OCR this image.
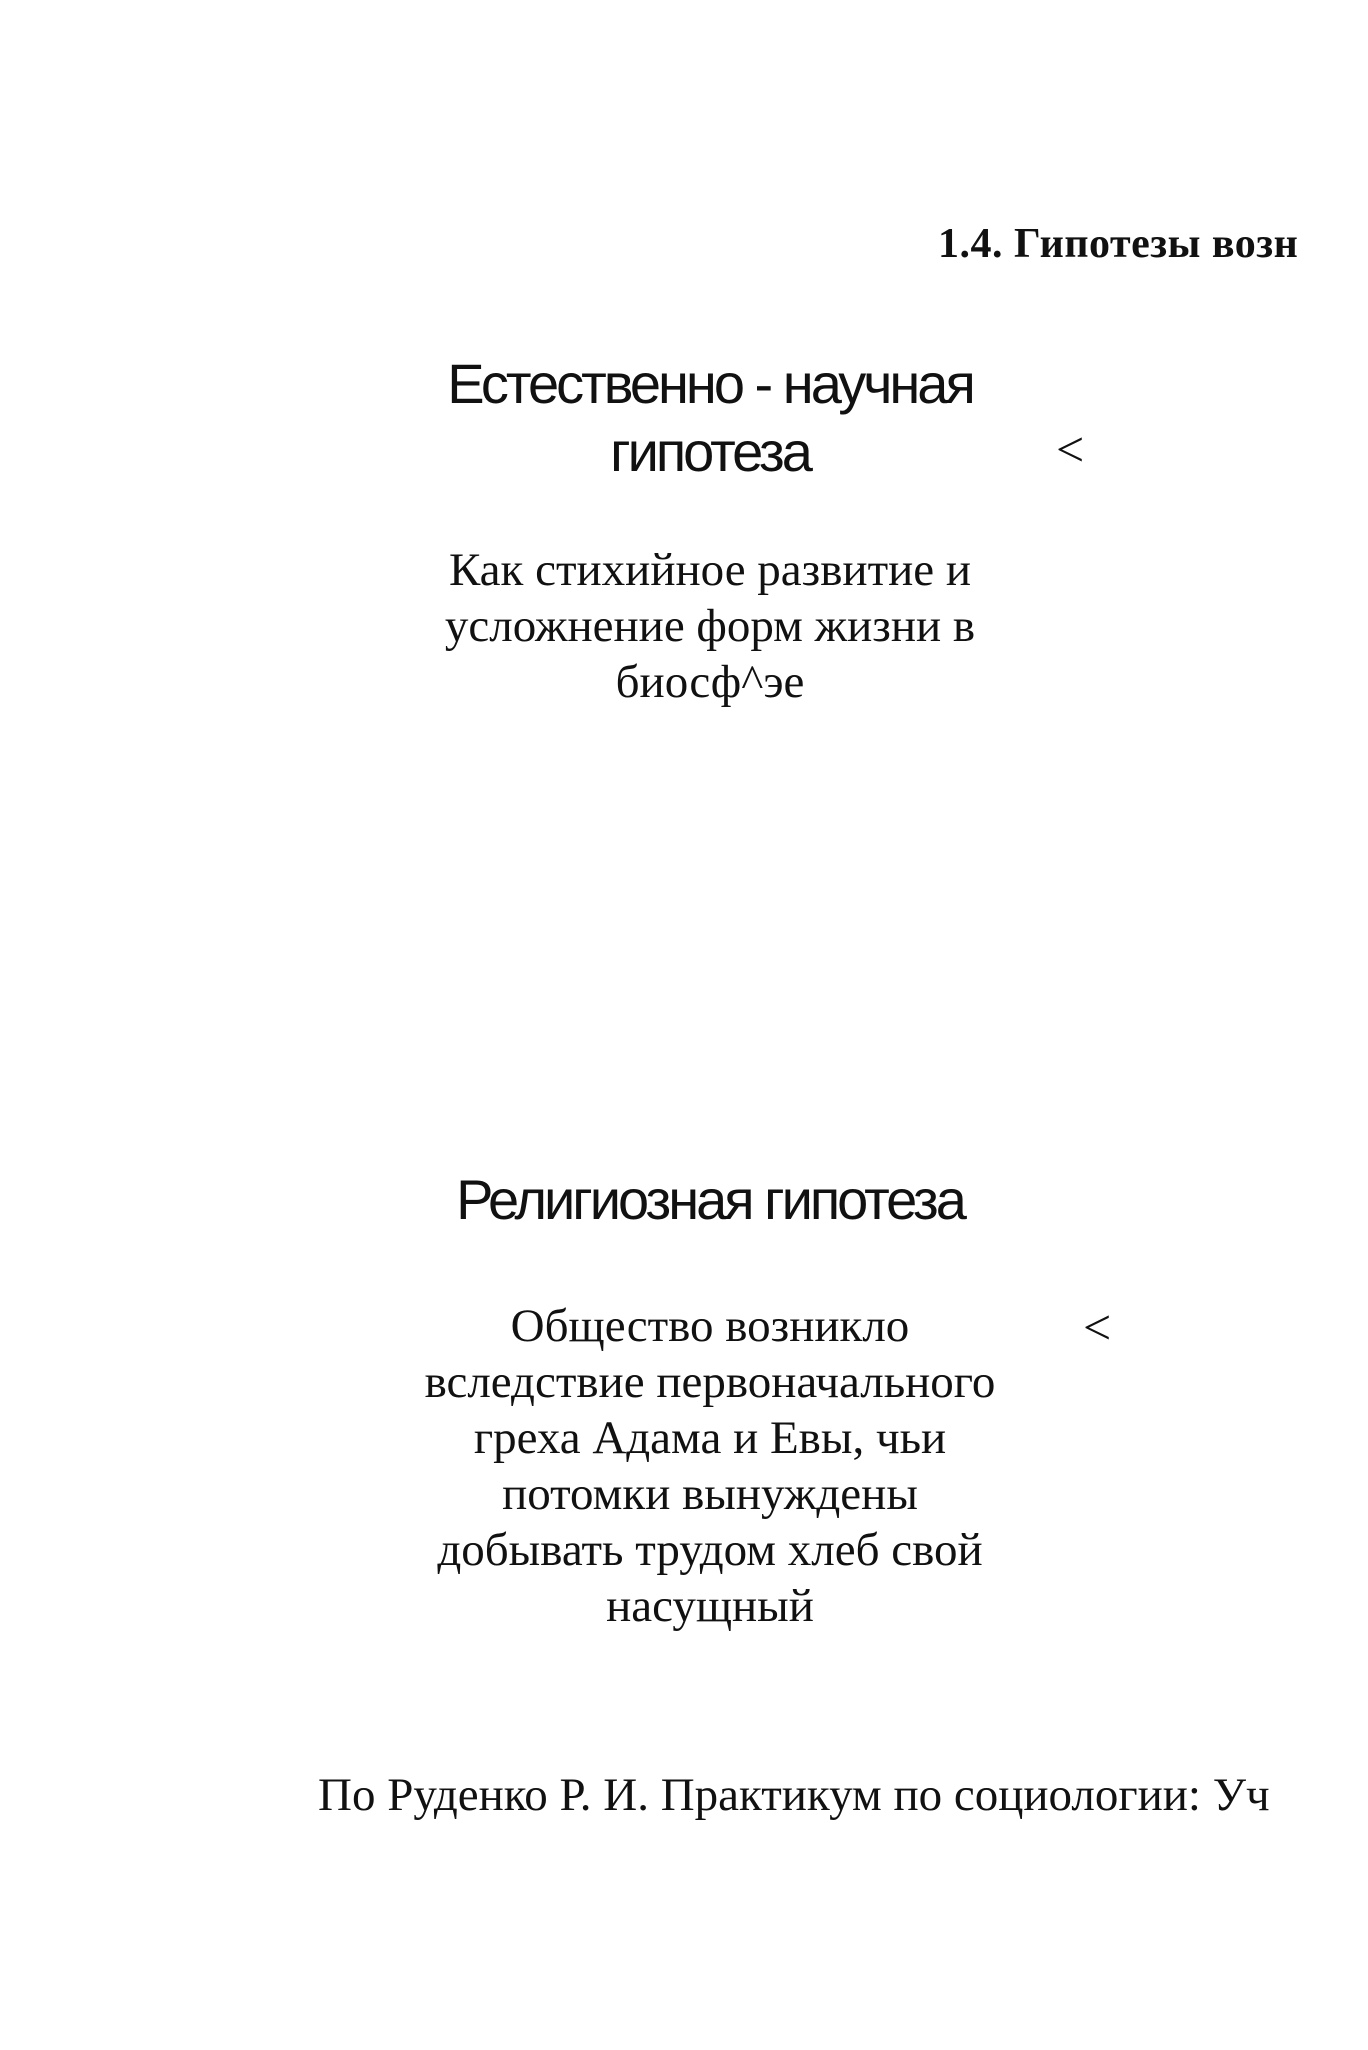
1.4. Гипотезы возн
Естественно - научная
гипотеза	<
Как стихийное развитие и
усложнение форм жизни в
биосф^эе
Религиозная гипотеза
<
Общество возникло
вследствие первоначального
греха Адама и Евы, чьи
потомки вынуждены
добывать трудом хлеб свой
насущный
По Руденко Р. И. Практикум по социологии: Уч
